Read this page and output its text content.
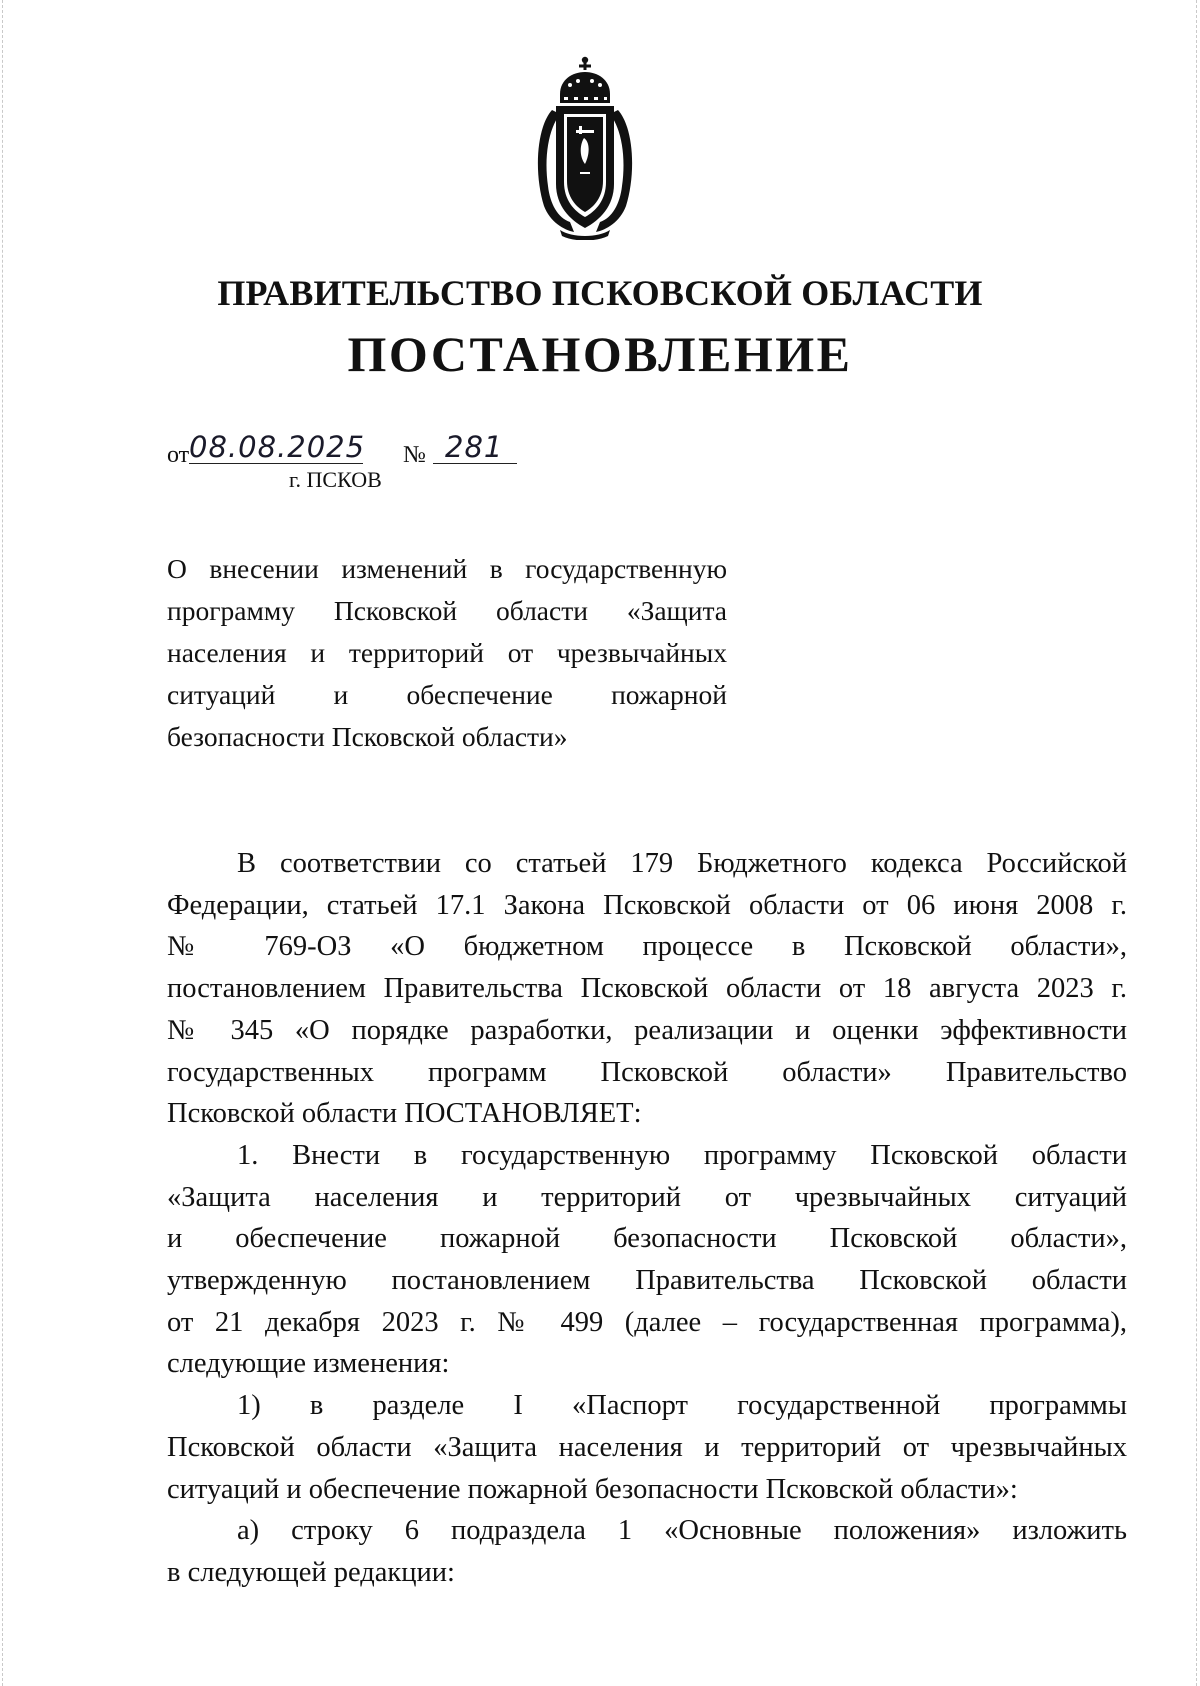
ПРАВИТЕЛЬСТВО ПСКОВСКОЙ ОБЛАСТИ
ПОСТАНОВЛЕНИЕ
от 08.08.2025 № 281
г. ПСКОВ
О внесении изменений в государственную
программу Псковской области «Защита
населения и территорий от чрезвычайных
ситуаций и обеспечение пожарной
безопасности Псковской области»
В соответствии со статьей 179 Бюджетного кодекса Российской
Федерации, статьей 17.1 Закона Псковской области от 06 июня 2008 г.
№ 769-ОЗ «О бюджетном процессе в Псковской области»,
постановлением Правительства Псковской области от 18 августа 2023 г.
№ 345 «О порядке разработки, реализации и оценки эффективности
государственных программ Псковской области» Правительство
Псковской области ПОСТАНОВЛЯЕТ:
1. Внести в государственную программу Псковской области
«Защита населения и территорий от чрезвычайных ситуаций
и обеспечение пожарной безопасности Псковской области»,
утвержденную постановлением Правительства Псковской области
от 21 декабря 2023 г. № 499 (далее – государственная программа),
следующие изменения:
1) в разделе I «Паспорт государственной программы
Псковской области «Защита населения и территорий от чрезвычайных
ситуаций и обеспечение пожарной безопасности Псковской области»:
а) строку 6 подраздела 1 «Основные положения» изложить
в следующей редакции:
